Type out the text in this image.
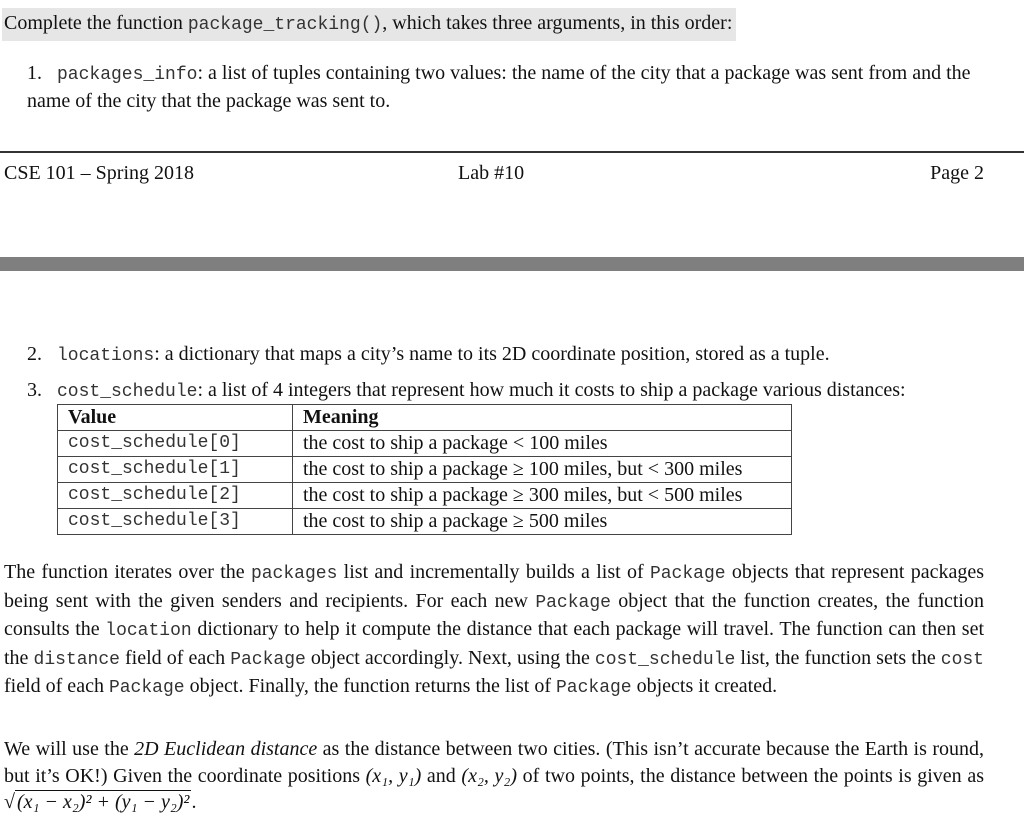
Complete the function package_tracking(), which takes three arguments, in this order:
1. packages_info: a list of tuples containing two values: the name of the city that a package was sent from and the name of the city that the package was sent to.
CSE 101 – Spring 2018	Lab #10	Page 2
2. locations: a dictionary that maps a city’s name to its 2D coordinate position, stored as a tuple.
3. cost_schedule: a list of 4 integers that represent how much it costs to ship a package various distances:
Value	Meaning
cost_schedule[0]	the cost to ship a package < 100 miles
cost_schedule[1]	the cost to ship a package ≥ 100 miles, but < 300 miles
cost_schedule[2]	the cost to ship a package ≥ 300 miles, but < 500 miles
cost_schedule[3]	the cost to ship a package ≥ 500 miles
The function iterates over the packages list and incrementally builds a list of Package objects that represent packages being sent with the given senders and recipients. For each new Package object that the function creates, the function consults the location dictionary to help it compute the distance that each package will travel. The function can then set the distance field of each Package object accordingly. Next, using the cost_schedule list, the function sets the cost field of each Package object. Finally, the function returns the list of Package objects it created.
We will use the 2D Euclidean distance as the distance between two cities. (This isn’t accurate because the Earth is round, but it’s OK!) Given the coordinate positions (x₁, y₁) and (x₂, y₂) of two points, the distance between the points is given as √ (x₁ − x₂)² + (y₁ − y₂)² .
